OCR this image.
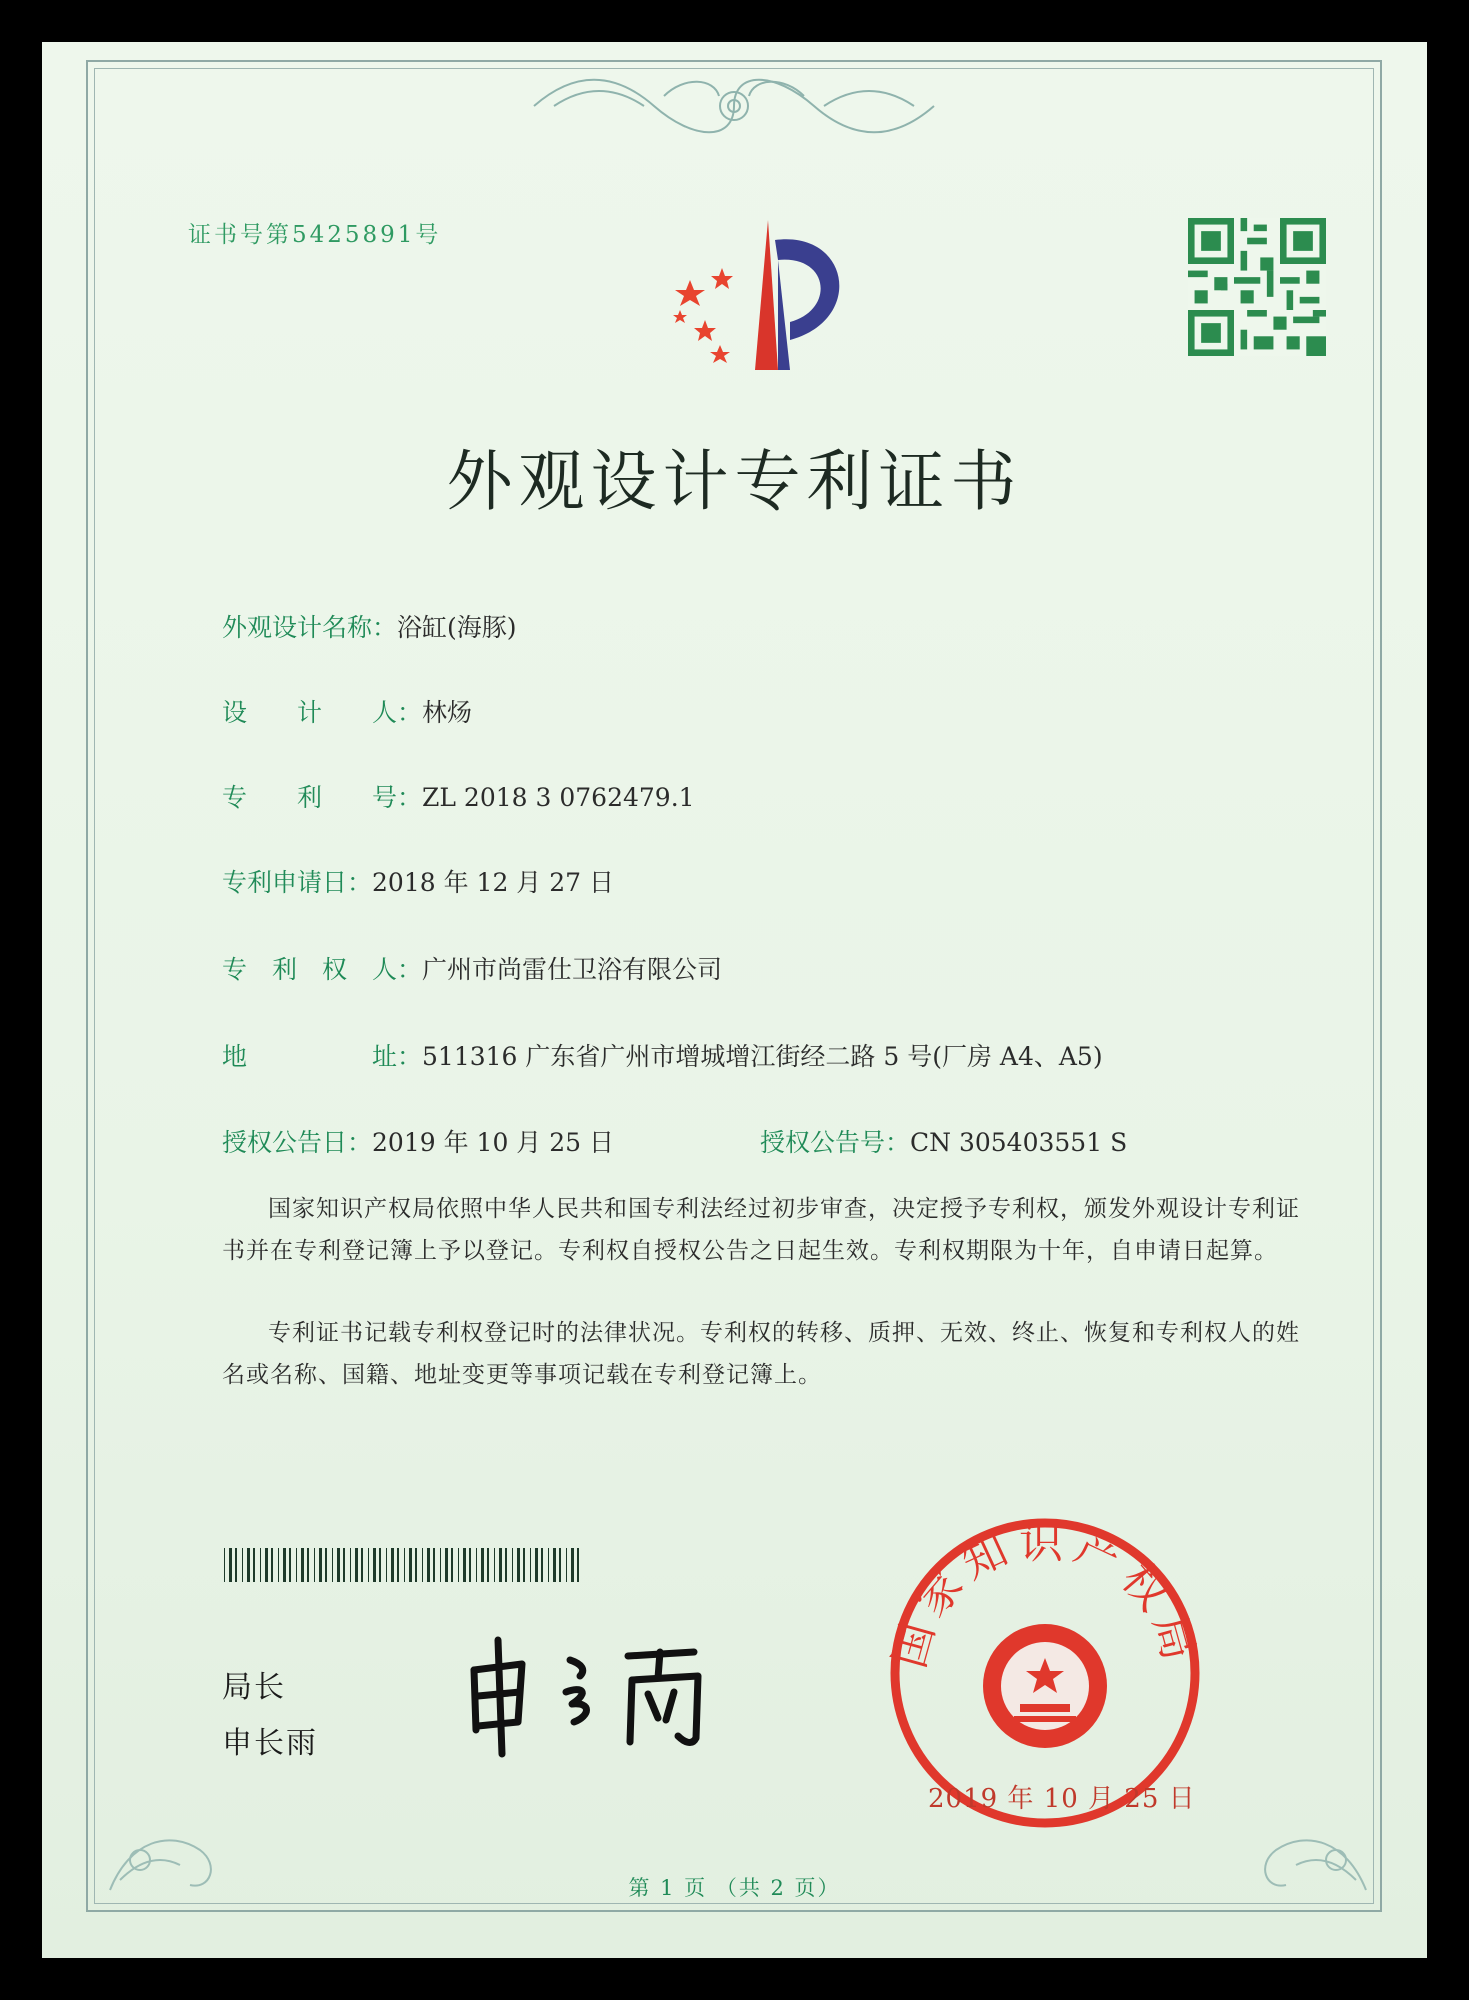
证书号第5425891号
外观设计专利证书
外观设计名称：浴缸(海豚)
设　　计　　人：林炀
专　　利　　号：ZL 2018 3 0762479.1
专利申请日：2018 年 12 月 27 日
专　利　权　人：广州市尚雷仕卫浴有限公司
地　　　　　址：511316 广东省广州市增城增江街经二路 5 号(厂房 A4、A5)
授权公告日：2019 年 10 月 25 日	授权公告号：CN 305403551 S
国家知识产权局依照中华人民共和国专利法经过初步审查，决定授予专利权，颁发外观设计专利证书并在专利登记簿上予以登记。专利权自授权公告之日起生效。专利权期限为十年，自申请日起算。
专利证书记载专利权登记时的法律状况。专利权的转移、质押、无效、终止、恢复和专利权人的姓名或名称、国籍、地址变更等事项记载在专利登记簿上。
局长
申长雨
国家知识产权局
2019 年 10 月 25 日
第 1 页 （共 2 页）
